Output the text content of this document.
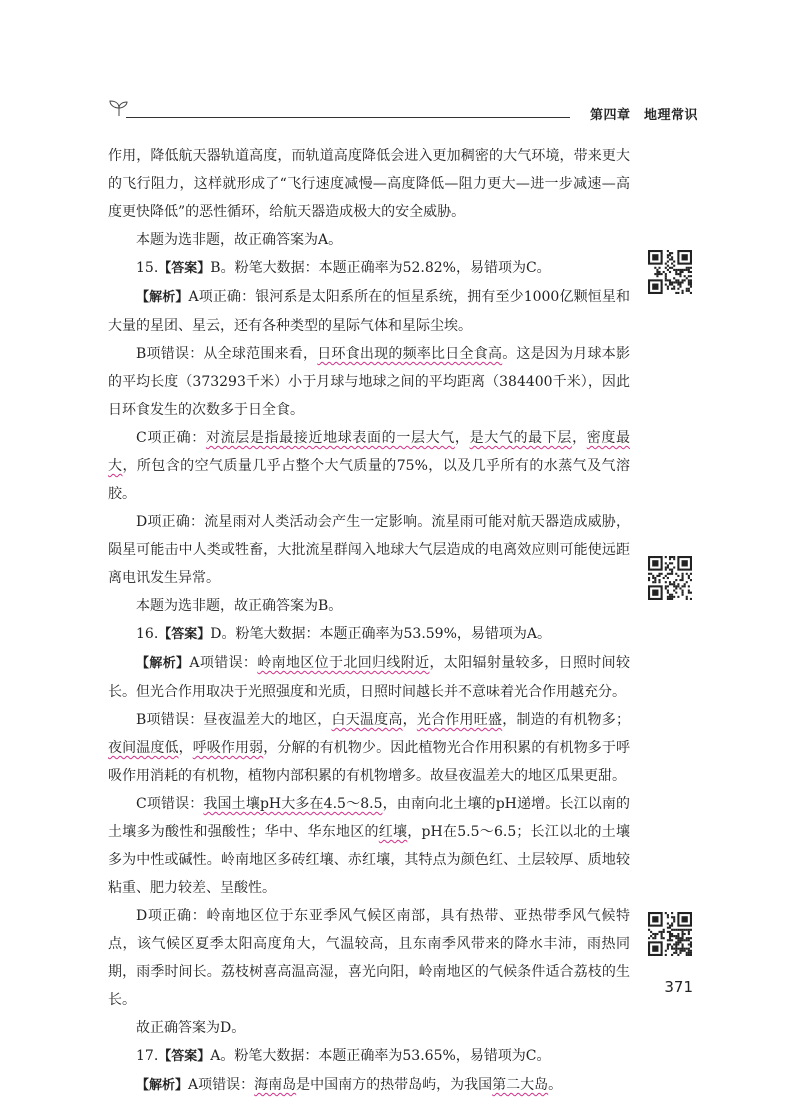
第四章　地理常识

作用，降低航天器轨道高度，而轨道高度降低会进入更加稠密的大气环境，带来更大的飞行阻力，这样就形成了“飞行速度减慢—高度降低—阻力更大—进一步减速—高度更快降低”的恶性循环，给航天器造成极大的安全威胁。

本题为选非题，故正确答案为A。

15.【答案】B。粉笔大数据：本题正确率为52.82%，易错项为C。

【解析】A项正确：银河系是太阳系所在的恒星系统，拥有至少1000亿颗恒星和大量的星团、星云，还有各种类型的星际气体和星际尘埃。

B项错误：从全球范围来看，日环食出现的频率比日全食高。这是因为月球本影的平均长度（373293千米）小于月球与地球之间的平均距离（384400千米），因此日环食发生的次数多于日全食。

C项正确：对流层是指最接近地球表面的一层大气，是大气的最下层，密度最大，所包含的空气质量几乎占整个大气质量的75%，以及几乎所有的水蒸气及气溶胶。

D项正确：流星雨对人类活动会产生一定影响。流星雨可能对航天器造成威胁，陨星可能击中人类或牲畜，大批流星群闯入地球大气层造成的电离效应则可能使远距离电讯发生异常。

本题为选非题，故正确答案为B。

16.【答案】D。粉笔大数据：本题正确率为53.59%，易错项为A。

【解析】A项错误：岭南地区位于北回归线附近，太阳辐射量较多，日照时间较长。但光合作用取决于光照强度和光质，日照时间越长并不意味着光合作用越充分。

B项错误：昼夜温差大的地区，白天温度高，光合作用旺盛，制造的有机物多；夜间温度低，呼吸作用弱，分解的有机物少。因此植物光合作用积累的有机物多于呼吸作用消耗的有机物，植物内部积累的有机物增多。故昼夜温差大的地区瓜果更甜。

C项错误：我国土壤pH大多在4.5～8.5，由南向北土壤的pH递增。长江以南的土壤多为酸性和强酸性；华中、华东地区的红壤，pH在5.5～6.5；长江以北的土壤多为中性或碱性。岭南地区多砖红壤、赤红壤，其特点为颜色红、土层较厚、质地较粘重、肥力较差、呈酸性。

D项正确：岭南地区位于东亚季风气候区南部，具有热带、亚热带季风气候特点，该气候区夏季太阳高度角大，气温较高，且东南季风带来的降水丰沛，雨热同期，雨季时间长。荔枝树喜高温高湿，喜光向阳，岭南地区的气候条件适合荔枝的生长。

故正确答案为D。

17.【答案】A。粉笔大数据：本题正确率为53.65%，易错项为C。

【解析】A项错误：海南岛是中国南方的热带岛屿，为我国第二大岛。

371
